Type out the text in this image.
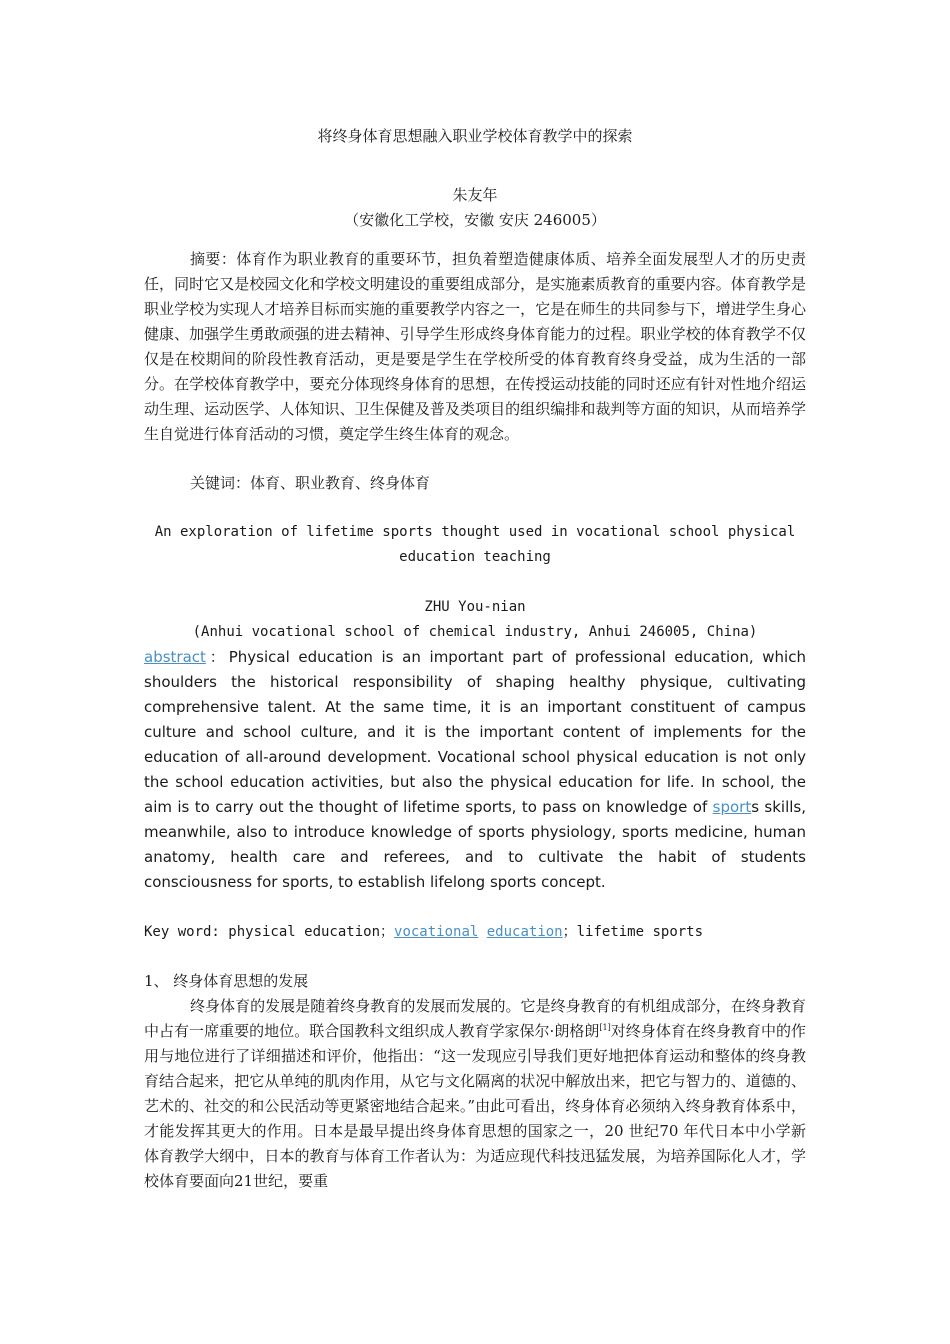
将终身体育思想融入职业学校体育教学中的探索

朱友年
（安徽化工学校，安徽 安庆 246005）

摘要：体育作为职业教育的重要环节，担负着塑造健康体质、培养全面发展型人才的历史责任，同时它又是校园文化和学校文明建设的重要组成部分，是实施素质教育的重要内容。体育教学是职业学校为实现人才培养目标而实施的重要教学内容之一，它是在师生的共同参与下，增进学生身心健康、加强学生勇敢顽强的进去精神、引导学生形成终身体育能力的过程。职业学校的体育教学不仅仅是在校期间的阶段性教育活动，更是要是学生在学校所受的体育教育终身受益，成为生活的一部分。在学校体育教学中，要充分体现终身体育的思想，在传授运动技能的同时还应有针对性地介绍运动生理、运动医学、人体知识、卫生保健及普及类项目的组织编排和裁判等方面的知识，从而培养学生自觉进行体育活动的习惯，奠定学生终生体育的观念。

关键词：体育、职业教育、终身体育
An exploration of lifetime sports thought used in vocational school physical
education teaching
ZHU You-nian
(Anhui vocational school of chemical industry, Anhui 246005, China)

abstract：Physical education is an important part of professional education, which shoulders the historical responsibility of shaping healthy physique, cultivating comprehensive talent. At the same time, it is an important constituent of campus culture and school culture, and it is the important content of implements for the education of all-around development. Vocational school physical education is not only the school education activities, but also the physical education for life. In school, the aim is to carry out the thought of lifetime sports, to pass on knowledge of sports skills, meanwhile, also to introduce knowledge of sports physiology, sports medicine, human anatomy, health care and referees, and to cultivate the habit of students consciousness for sports, to establish lifelong sports concept.

Key word: physical education；vocational education；lifetime sports
1、 终身体育思想的发展

终身体育的发展是随着终身教育的发展而发展的。它是终身教育的有机组成部分，在终身教育中占有一席重要的地位。联合国教科文组织成人教育学家保尔·朗格朗[1]对终身体育在终身教育中的作用与地位进行了详细描述和评价，他指出：“这一发现应引导我们更好地把体育运动和整体的终身教育结合起来，把它从单纯的肌肉作用，从它与文化隔离的状况中解放出来，把它与智力的、道德的、艺术的、社交的和公民活动等更紧密地结合起来。”由此可看出，终身体育必须纳入终身教育体系中，才能发挥其更大的作用。日本是最早提出终身体育思想的国家之一，20 世纪70 年代日本中小学新体育教学大纲中，日本的教育与体育工作者认为：为适应现代科技迅猛发展，为培养国际化人才，学校体育要面向21世纪，要重
